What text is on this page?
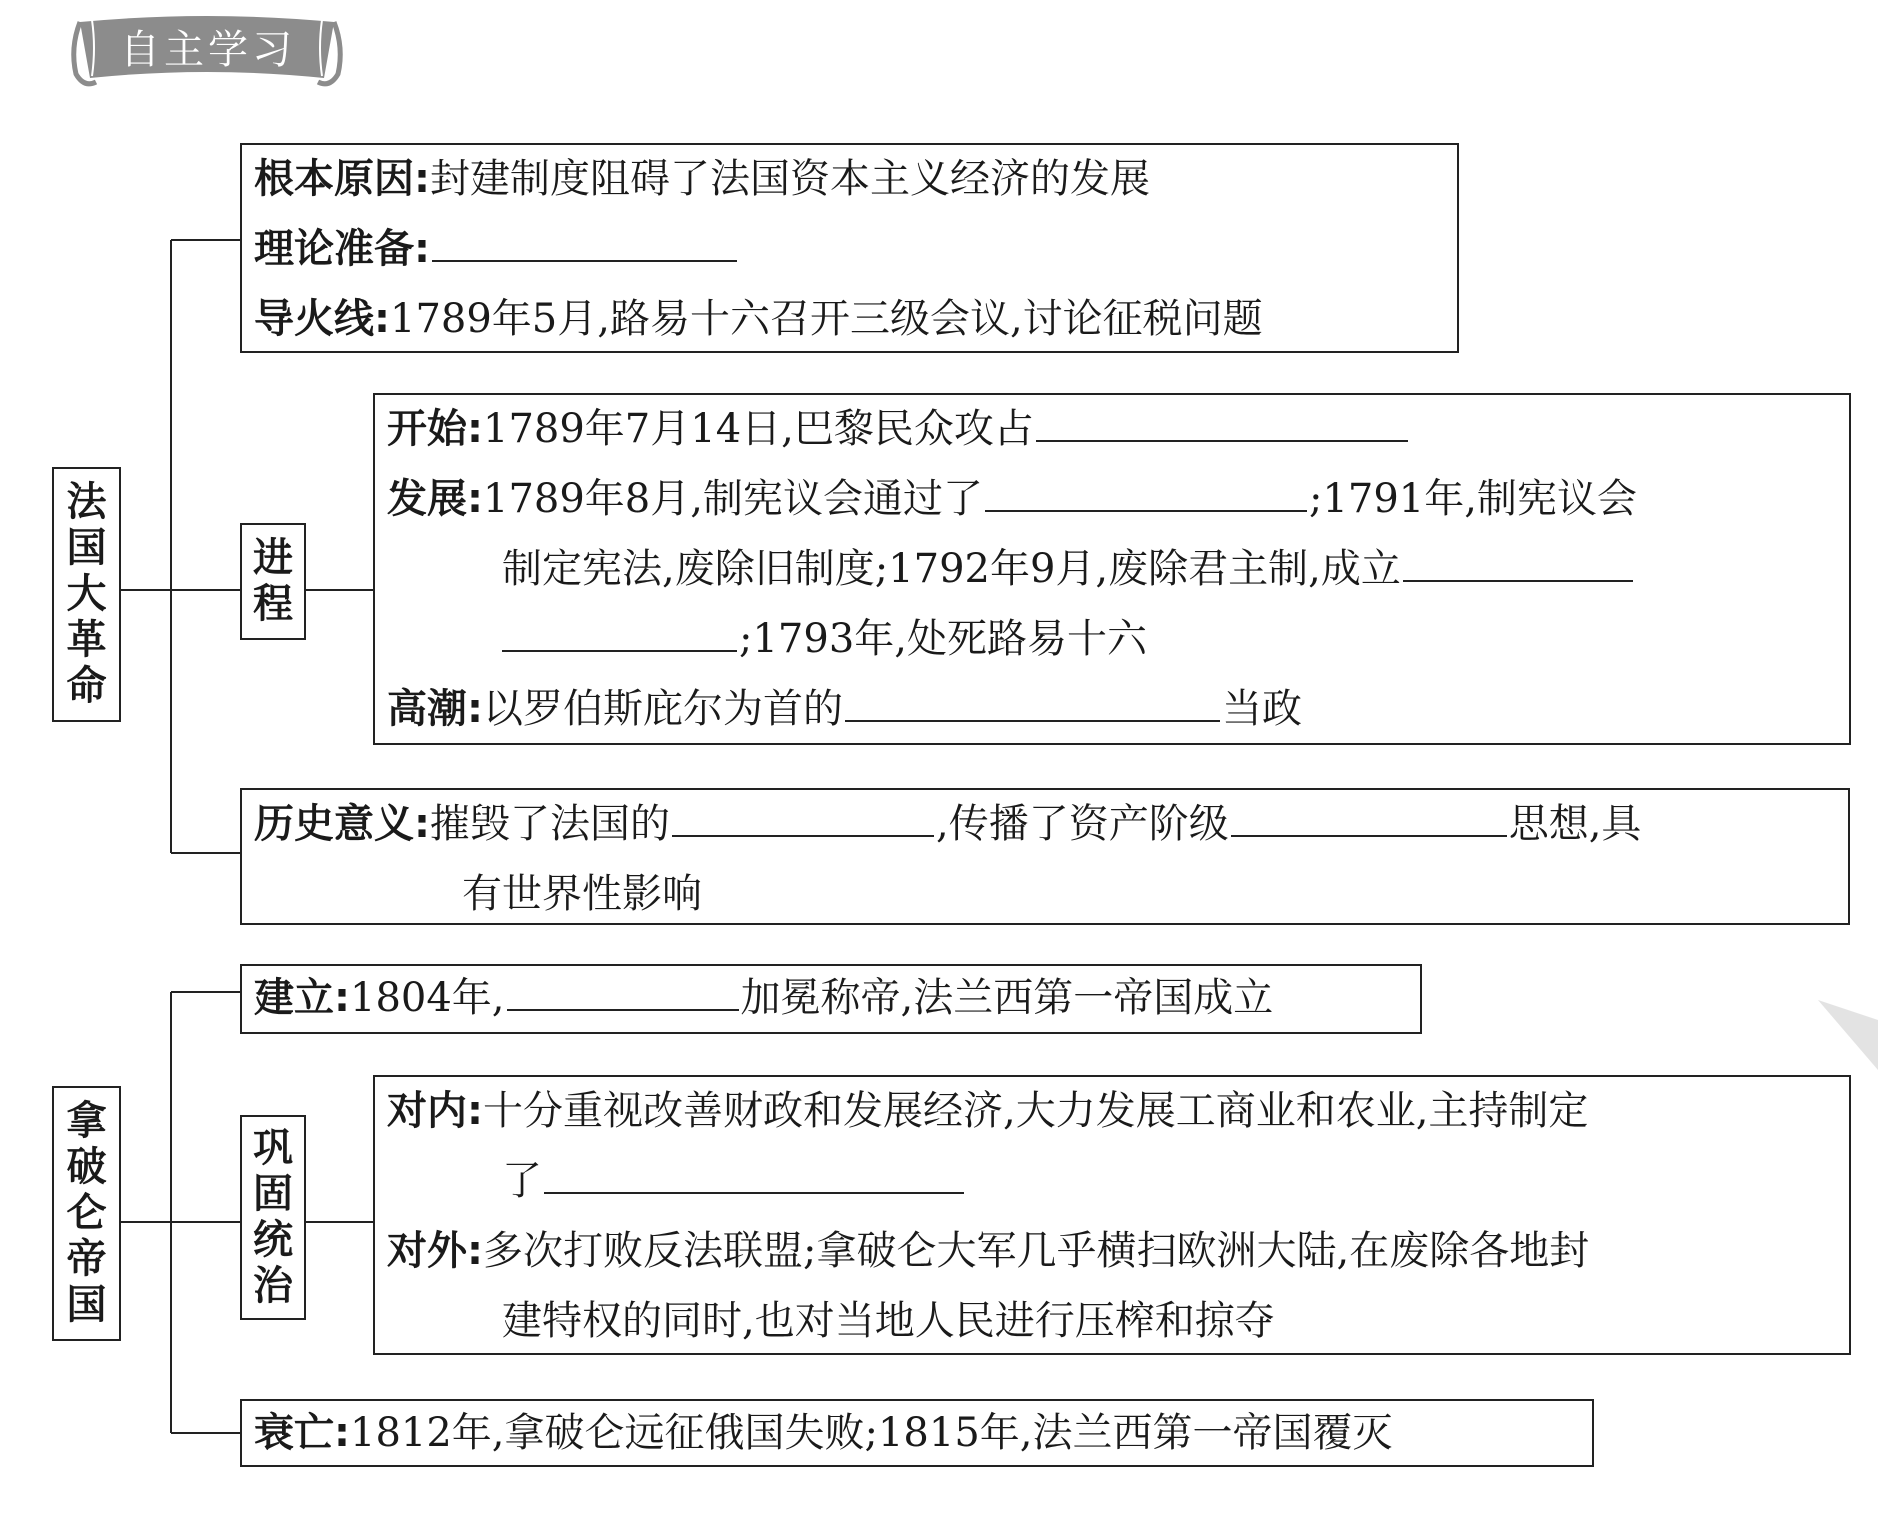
自主学习
法
国
大
革
命
根本原因:封建制度阻碍了法国资本主义经济的发展
理论准备:
导火线:1789年5月,路易十六召开三级会议,讨论征税问题
进
程
开始:1789年7月14日,巴黎民众攻占
发展:1789年8月,制宪议会通过了	;1791年,制宪议会
制定宪法,废除旧制度;1792年9月,废除君主制,成立
;1793年,处死路易十六
高潮:以罗伯斯庇尔为首的	当政
历史意义:摧毁了法国的	,传播了资产阶级	思想,具
有世界性影响
拿
破
仑
帝
国
建立:1804年,	加冕称帝,法兰西第一帝国成立
巩
固
统
治
对内:十分重视改善财政和发展经济,大力发展工商业和农业,主持制定
了
对外:多次打败反法联盟;拿破仑大军几乎横扫欧洲大陆,在废除各地封
建特权的同时,也对当地人民进行压榨和掠夺
衰亡:1812年,拿破仑远征俄国失败;1815年,法兰西第一帝国覆灭
